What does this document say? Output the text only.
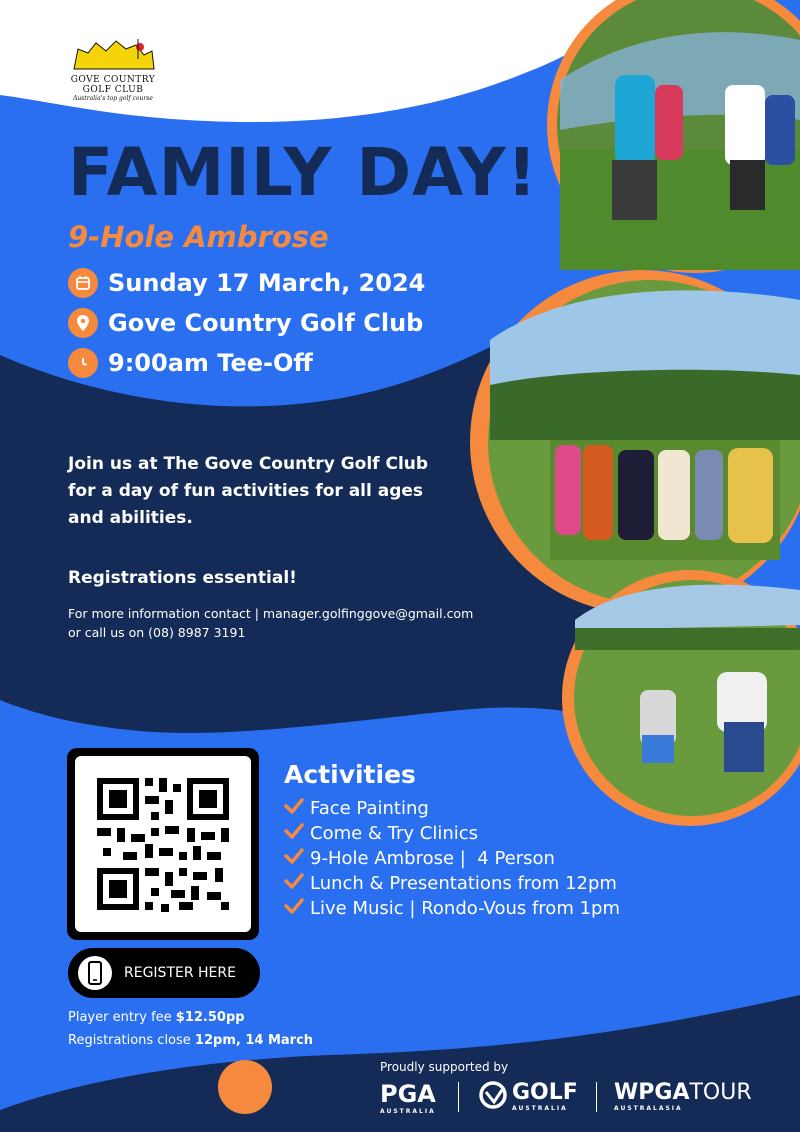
GOVE COUNTRY
GOLF CLUB
Australia's top golf course
FAMILY DAY!
9-Hole Ambrose
Sunday 17 March, 2024
Gove Country Golf Club
9:00am Tee-Off
Join us at The Gove Country Golf Club for a day of fun activities for all ages and abilities.
Registrations essential!
For more information contact | manager.golfinggove@gmail.com
or call us on (08) 8987 3191
REGISTER HERE
Player entry fee $12.50pp
Registrations close 12pm, 14 March
Activities
Face Painting
Come & Try Clinics
9-Hole Ambrose |  4 Person
Lunch & Presentations from 12pm
Live Music | Rondo-Vous from 1pm
Proudly supported by
PGA
AUSTRALIA
GOLF
AUSTRALIA
WPGATOUR
AUSTRALASIA
